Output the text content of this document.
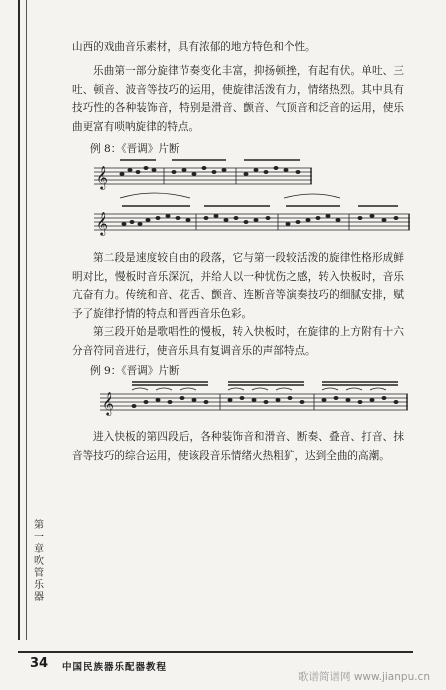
山西的戏曲音乐素材，具有浓郁的地方特色和个性。

乐曲第一部分旋律节奏变化丰富，抑扬顿挫，有起有伏。单吐、三吐、顿音、波音等技巧的运用，使旋律活泼有力，情绪热烈。其中具有技巧性的各种装饰音，特别是滑音、颤音、气顶音和泛音的运用，使乐曲更富有唢呐旋律的特点。

例 8：《晋调》片断
𝄞
𝄞

第二段是速度较自由的段落，它与第一段较活泼的旋律性格形成鲜明对比，慢板时音乐深沉，并给人以一种忧伤之感，转入快板时，音乐亢奋有力。传统和音、花舌、颤音、连断音等演奏技巧的细腻安排，赋予了旋律抒情的特点和晋西音乐色彩。

第三段开始是歌唱性的慢板，转入快板时，在旋律的上方附有十六分音符同音进行，使音乐具有复调音乐的声部特点。

例 9：《晋调》片断
𝄞

进入快板的第四段后，各种装饰音和滑音、断奏、叠音、打音、抹音等技巧的综合运用，使该段音乐情绪火热粗犷，达到全曲的高潮。

第一章吹管乐器
34 中国民族器乐配器教程
歌谱简谱网 www.jianpu.cn
